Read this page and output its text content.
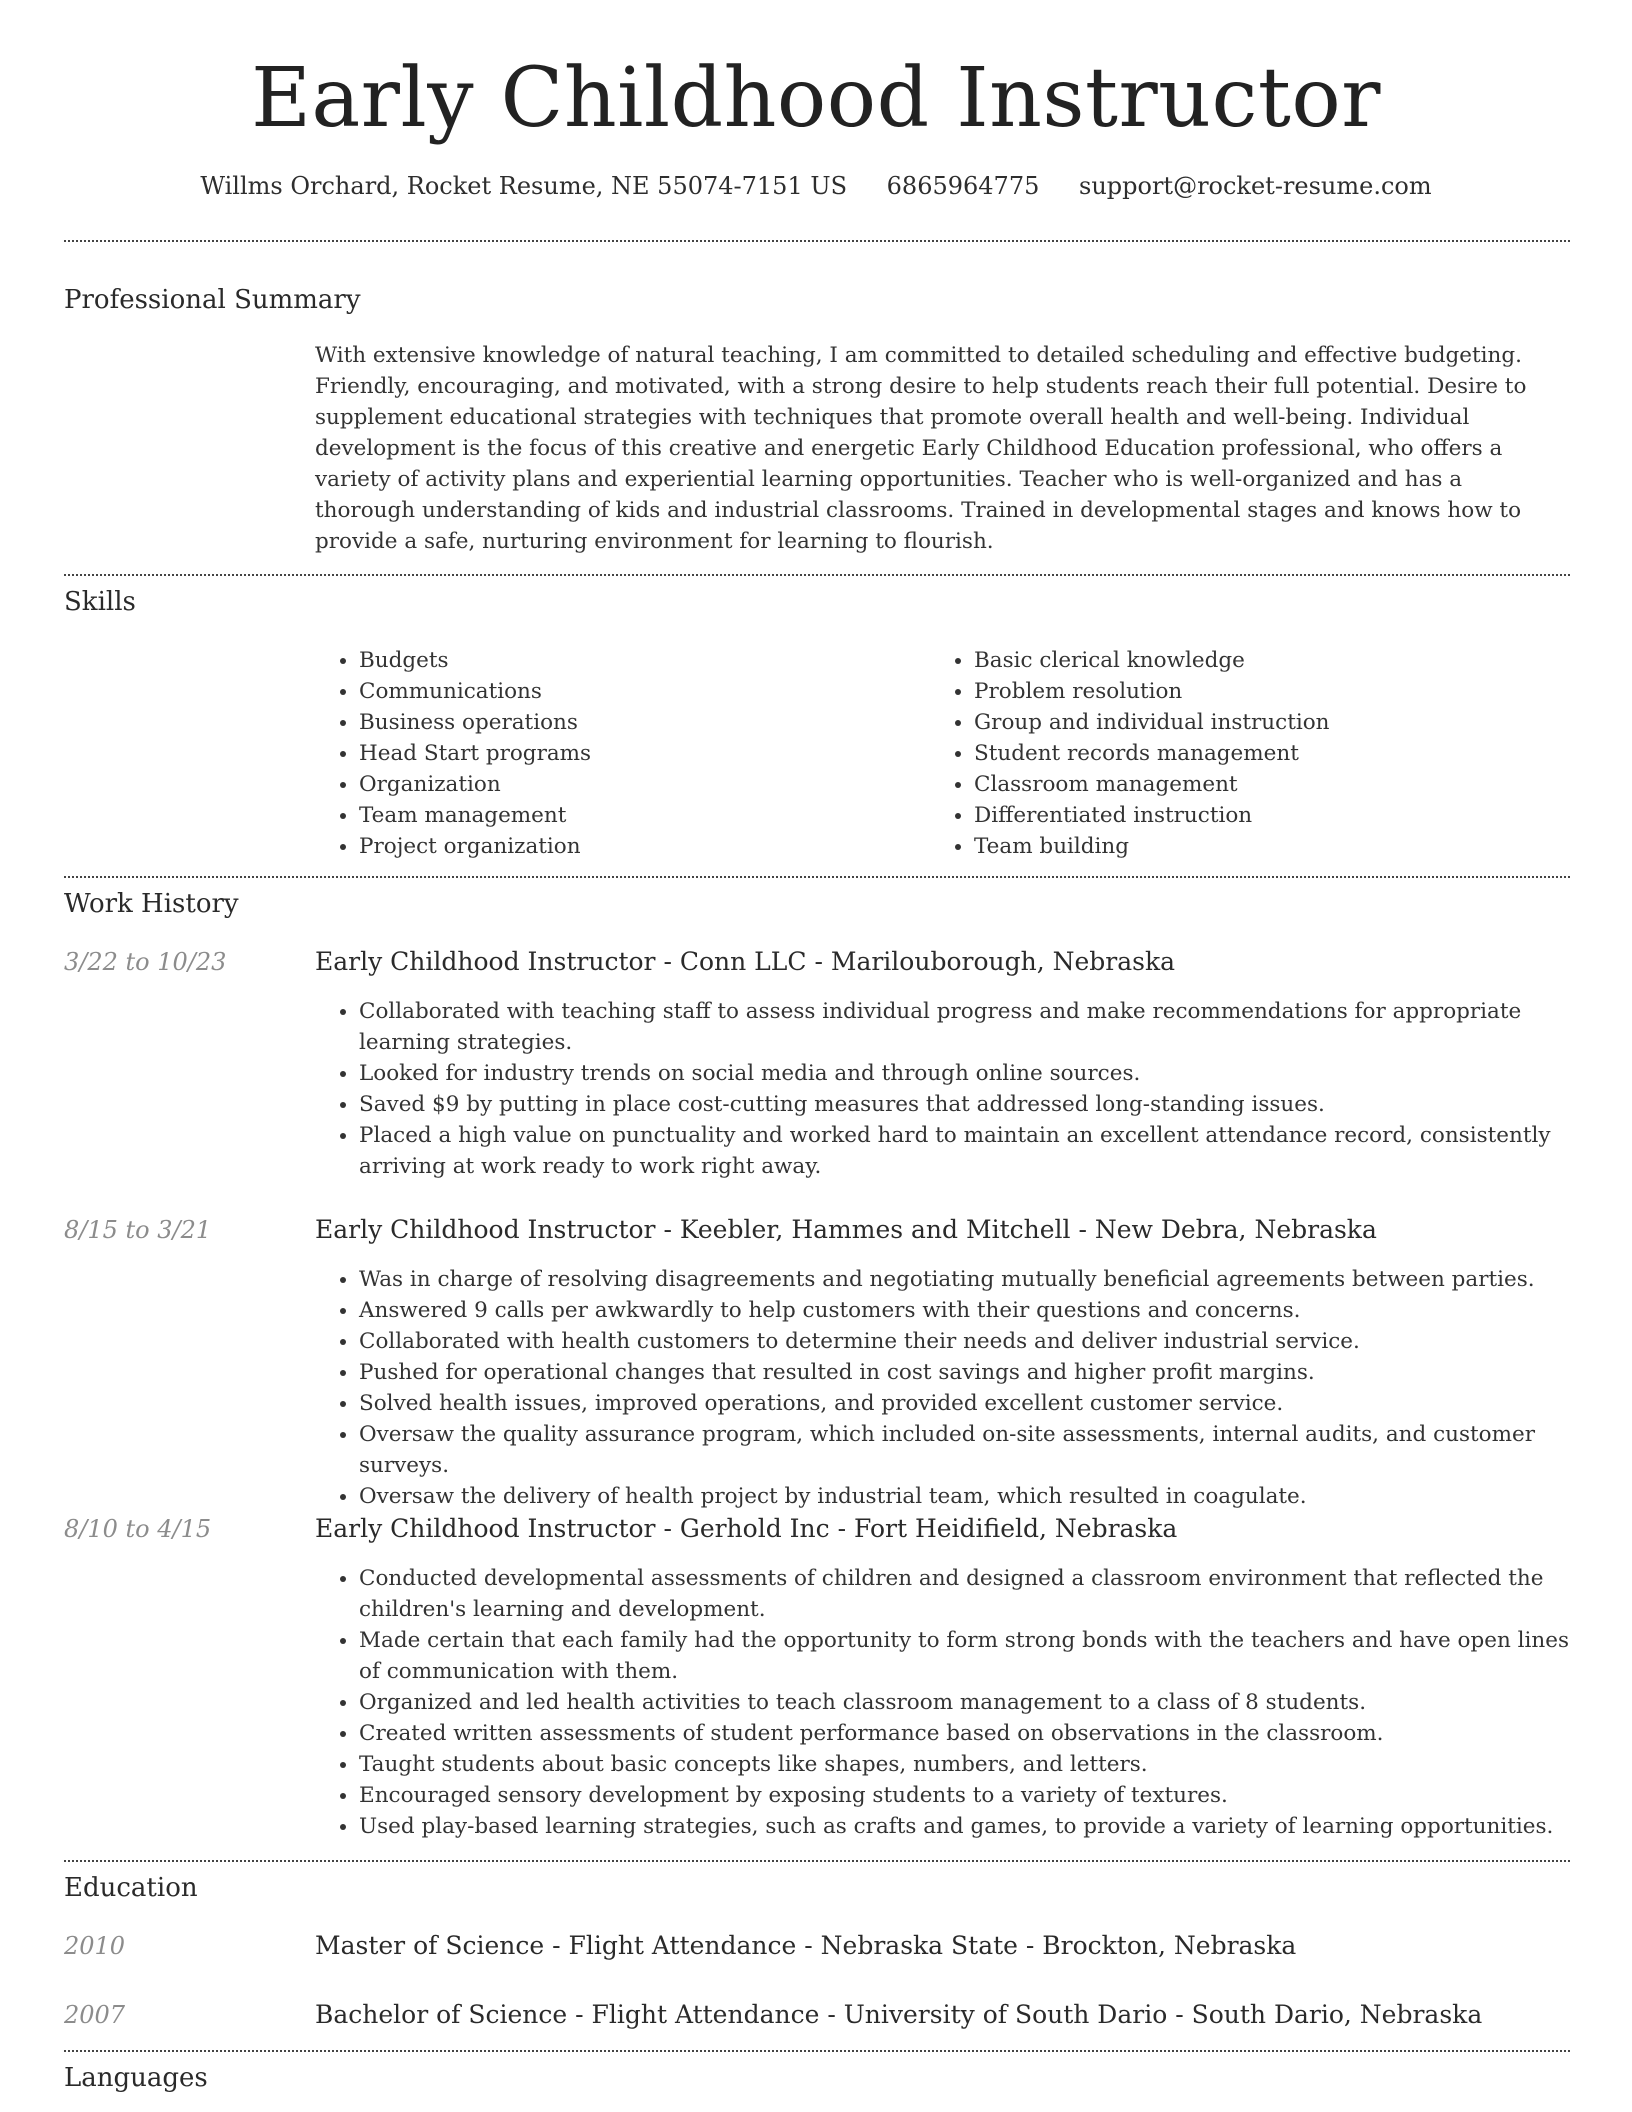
Early Childhood Instructor
Willms Orchard, Rocket Resume, NE 55074-7151 US 6865964775 support@rocket-resume.com
Professional Summary
With extensive knowledge of natural teaching, I am committed to detailed scheduling and effective budgeting. Friendly, encouraging, and motivated, with a strong desire to help students reach their full potential. Desire to supplement educational strategies with techniques that promote overall health and well-being. Individual development is the focus of this creative and energetic Early Childhood Education professional, who offers a variety of activity plans and experiential learning opportunities. Teacher who is well-organized and has a thorough understanding of kids and industrial classrooms. Trained in developmental stages and knows how to provide a safe, nurturing environment for learning to flourish.
Skills
• Budgets
• Communications
• Business operations
• Head Start programs
• Organization
• Team management
• Project organization
• Basic clerical knowledge
• Problem resolution
• Group and individual instruction
• Student records management
• Classroom management
• Differentiated instruction
• Team building
Work History
3/22 to 10/23	Early Childhood Instructor - Conn LLC - Marilouborough, Nebraska
• Collaborated with teaching staff to assess individual progress and make recommendations for appropriate learning strategies.
• Looked for industry trends on social media and through online sources.
• Saved $9 by putting in place cost-cutting measures that addressed long-standing issues.
• Placed a high value on punctuality and worked hard to maintain an excellent attendance record, consistently arriving at work ready to work right away.
8/15 to 3/21	Early Childhood Instructor - Keebler, Hammes and Mitchell - New Debra, Nebraska
• Was in charge of resolving disagreements and negotiating mutually beneficial agreements between parties.
• Answered 9 calls per awkwardly to help customers with their questions and concerns.
• Collaborated with health customers to determine their needs and deliver industrial service.
• Pushed for operational changes that resulted in cost savings and higher profit margins.
• Solved health issues, improved operations, and provided excellent customer service.
• Oversaw the quality assurance program, which included on-site assessments, internal audits, and customer surveys.
• Oversaw the delivery of health project by industrial team, which resulted in coagulate.
8/10 to 4/15	Early Childhood Instructor - Gerhold Inc - Fort Heidifield, Nebraska
• Conducted developmental assessments of children and designed a classroom environment that reflected the children's learning and development.
• Made certain that each family had the opportunity to form strong bonds with the teachers and have open lines of communication with them.
• Organized and led health activities to teach classroom management to a class of 8 students.
• Created written assessments of student performance based on observations in the classroom.
• Taught students about basic concepts like shapes, numbers, and letters.
• Encouraged sensory development by exposing students to a variety of textures.
• Used play-based learning strategies, such as crafts and games, to provide a variety of learning opportunities.
Education
2010	Master of Science - Flight Attendance - Nebraska State - Brockton, Nebraska
2007	Bachelor of Science - Flight Attendance - University of South Dario - South Dario, Nebraska
Languages
